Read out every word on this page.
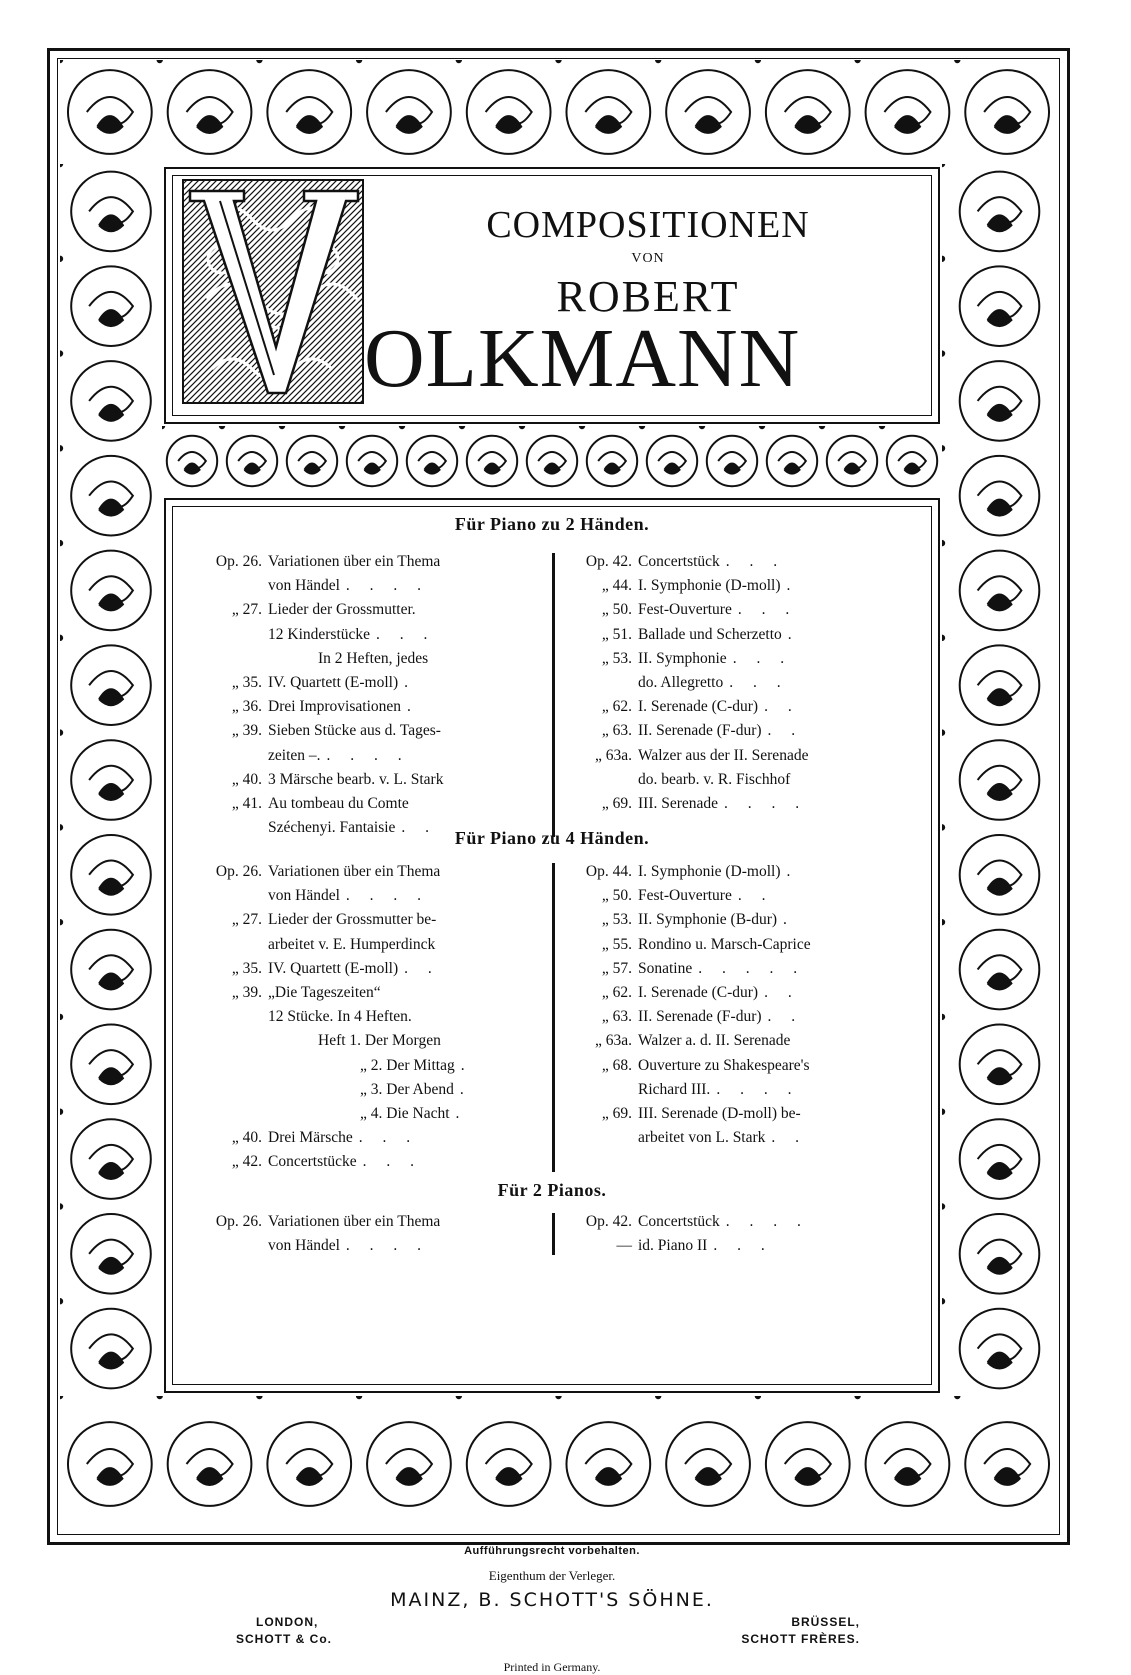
COMPOSITIONEN
VON
ROBERT
OLKMANN
Für Piano zu 2 Händen.
Op. 26. Variationen über ein Thema
von Händel . . . .
„ 27. Lieder der Grossmutter.
12 Kinderstücke . . .
In 2 Heften, jedes
„ 35. IV. Quartett (E-moll) .
„ 36. Drei Improvisationen .
„ 39. Sieben Stücke aus d. Tages-
zeiten –. . . . .
„ 40. 3 Märsche bearb. v. L. Stark
„ 41. Au tombeau du Comte
Széchenyi. Fantaisie . .
Op. 42. Concertstück . . .
„ 44. I. Symphonie (D-moll) .
„ 50. Fest-Ouverture . . .
„ 51. Ballade und Scherzetto .
„ 53. II. Symphonie . . .
do. Allegretto . . .
„ 62. I. Serenade (C-dur) . .
„ 63. II. Serenade (F-dur) . .
„ 63a. Walzer aus der II. Serenade
do. bearb. v. R. Fischhof
„ 69. III. Serenade . . . .
Für Piano zu 4 Händen.
Op. 26. Variationen über ein Thema
von Händel . . . .
„ 27. Lieder der Grossmutter be-
arbeitet v. E. Humperdinck
„ 35. IV. Quartett (E-moll) . .
„ 39. „Die Tageszeiten“
12 Stücke. In 4 Heften.
Heft 1. Der Morgen
„ 2. Der Mittag .
„ 3. Der Abend .
„ 4. Die Nacht .
„ 40. Drei Märsche . . .
„ 42. Concertstücke . . .
Op. 44. I. Symphonie (D-moll) .
„ 50. Fest-Ouverture . .
„ 53. II. Symphonie (B-dur) .
„ 55. Rondino u. Marsch-Caprice
„ 57. Sonatine . . . . .
„ 62. I. Serenade (C-dur) . .
„ 63. II. Serenade (F-dur) . .
„ 63a. Walzer a. d. II. Serenade
„ 68. Ouverture zu Shakespeare's
Richard III. . . . .
„ 69. III. Serenade (D-moll) be-
arbeitet von L. Stark . .
Für 2 Pianos.
Op. 26. Variationen über ein Thema
von Händel . . . .
Op. 42. Concertstück . . . .
— id. Piano II . . .
Aufführungsrecht vorbehalten.
Eigenthum der Verleger.
MAINZ, B. SCHOTT'S SÖHNE.
LONDON,
SCHOTT & Co.
BRÜSSEL,
SCHOTT FRÈRES.
Printed in Germany.
